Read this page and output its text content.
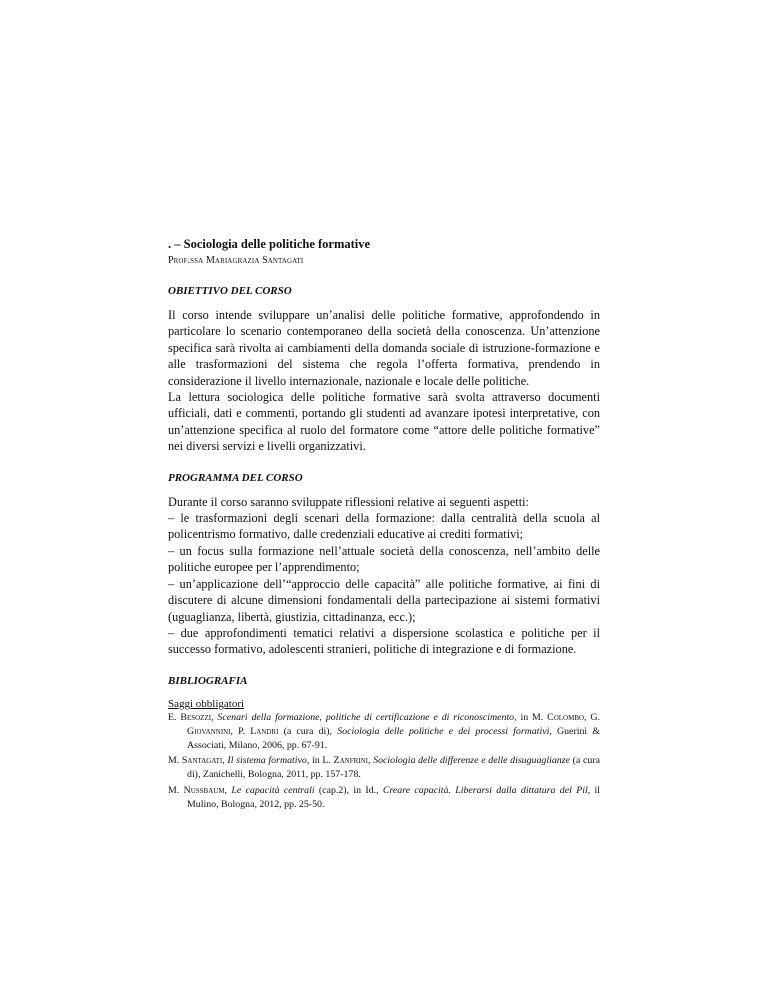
. – Sociologia delle politiche formative
Prof.ssa Mariagrazia Santagati
OBIETTIVO DEL CORSO

Il corso intende sviluppare un’analisi delle politiche formative, approfondendo in particolare lo scenario contemporaneo della società della conoscenza. Un’attenzione specifica sarà rivolta ai cambiamenti della domanda sociale di istruzione-formazione e alle trasformazioni del sistema che regola l’offerta formativa, prendendo in considerazione il livello internazionale, nazionale e locale delle politiche.

La lettura sociologica delle politiche formative sarà svolta attraverso documenti ufficiali, dati e commenti, portando gli studenti ad avanzare ipotesi interpretative, con un’attenzione specifica al ruolo del formatore come “attore delle politiche formative” nei diversi servizi e livelli organizzativi.

PROGRAMMA DEL CORSO

Durante il corso saranno sviluppate riflessioni relative ai seguenti aspetti:

– le trasformazioni degli scenari della formazione: dalla centralità della scuola al policentrismo formativo, dalle credenziali educative ai crediti formativi;

– un focus sulla formazione nell’attuale società della conoscenza, nell’ambito delle politiche europee per l’apprendimento;

– un’applicazione dell’“approccio delle capacità” alle politiche formative, ai fini di discutere di alcune dimensioni fondamentali della partecipazione ai sistemi formativi (uguaglianza, libertà, giustizia, cittadinanza, ecc.);

– due approfondimenti tematici relativi a dispersione scolastica e politiche per il successo formativo, adolescenti stranieri, politiche di integrazione e di formazione.

BIBLIOGRAFIA
Saggi obbligatori
E. Besozzi, Scenari della formazione, politiche di certificazione e di riconoscimento, in M. Colombo, G. Giovannini, P. Landri (a cura di), Sociologia delle politiche e dei processi formativi, Guerini & Associati, Milano, 2006, pp. 67-91.
M. Santagati, Il sistema formativo, in L. Zanfrini, Sociologia delle differenze e delle disuguaglianze (a cura di), Zanichelli, Bologna, 2011, pp. 157-178.
M. Nussbaum, Le capacità centrali (cap.2), in Id., Creare capacità. Liberarsi dalla dittatura del Pil, il Mulino, Bologna, 2012, pp. 25-50.
